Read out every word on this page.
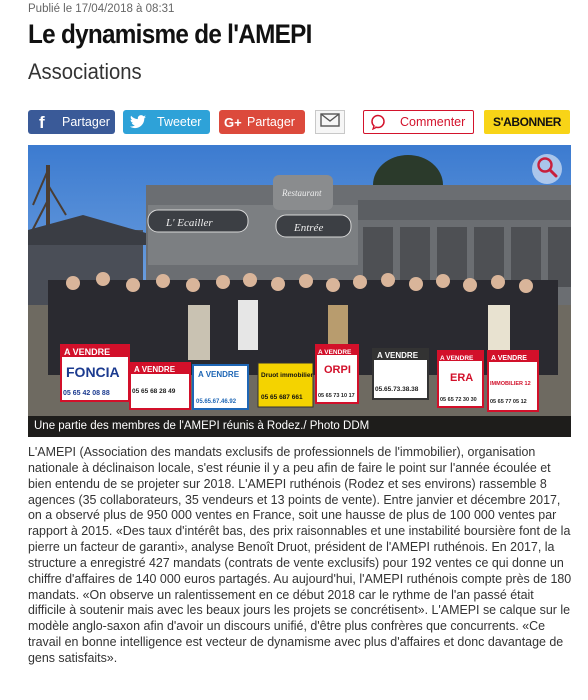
Publié le 17/04/2018 à 08:31
Le dynamisme de l'AMEPI
Associations
f Partager	Tweeter G+ Partager	Commenter	S'ABONNER
Restaurant
L' Ecailler	Entrée
A VENDRE
FONCIA
05 65 42 08 88
A VENDRE
05 65 68 28 49
A VENDRE
05.65.67.46.92
Druot immobilier
05 65 687 661
A VENDRE
ORPI
05 65 73 10 17
A VENDRE
05.65.73.38.38
A VENDRE
ERA
05 65 72 30 30
A VENDRE
IMMOBILIER 12
05 65 77 05 12
Une partie des membres de l'AMEPI réunis à Rodez./ Photo DDM
L'AMEPI (Association des mandats exclusifs de professionnels de l'immobilier), organisation nationale à déclinaison locale, s'est réunie il y a peu afin de faire le point sur l'année écoulée et bien entendu de se projeter sur 2018. L'AMEPI ruthénois (Rodez et ses environs) rassemble 8 agences (35 collaborateurs, 35 vendeurs et 13 points de vente). Entre janvier et décembre 2017, on a observé plus de 950 000 ventes en France, soit une hausse de plus de 100 000 ventes par rapport à 2015. «Des taux d'intérêt bas, des prix raisonnables et une instabilité boursière font de la pierre un facteur de garanti», analyse Benoît Druot, président de l'AMEPI ruthénois. En 2017, la structure a enregistré 427 mandats (contrats de vente exclusifs) pour 192 ventes ce qui donne un chiffre d'affaires de 140 000 euros partagés. Au aujourd'hui, l'AMEPI ruthénois compte près de 180 mandats. «On observe un ralentissement en ce début 2018 car le rythme de l'an passé était difficile à soutenir mais avec les beaux jours les projets se concrétisent». L'AMEPI se calque sur le modèle anglo-saxon afin d'avoir un discours unifié, d'être plus confrères que concurrents. «Ce travail en bonne intelligence est vecteur de dynamisme avec plus d'affaires et donc davantage de gens satisfaits».
